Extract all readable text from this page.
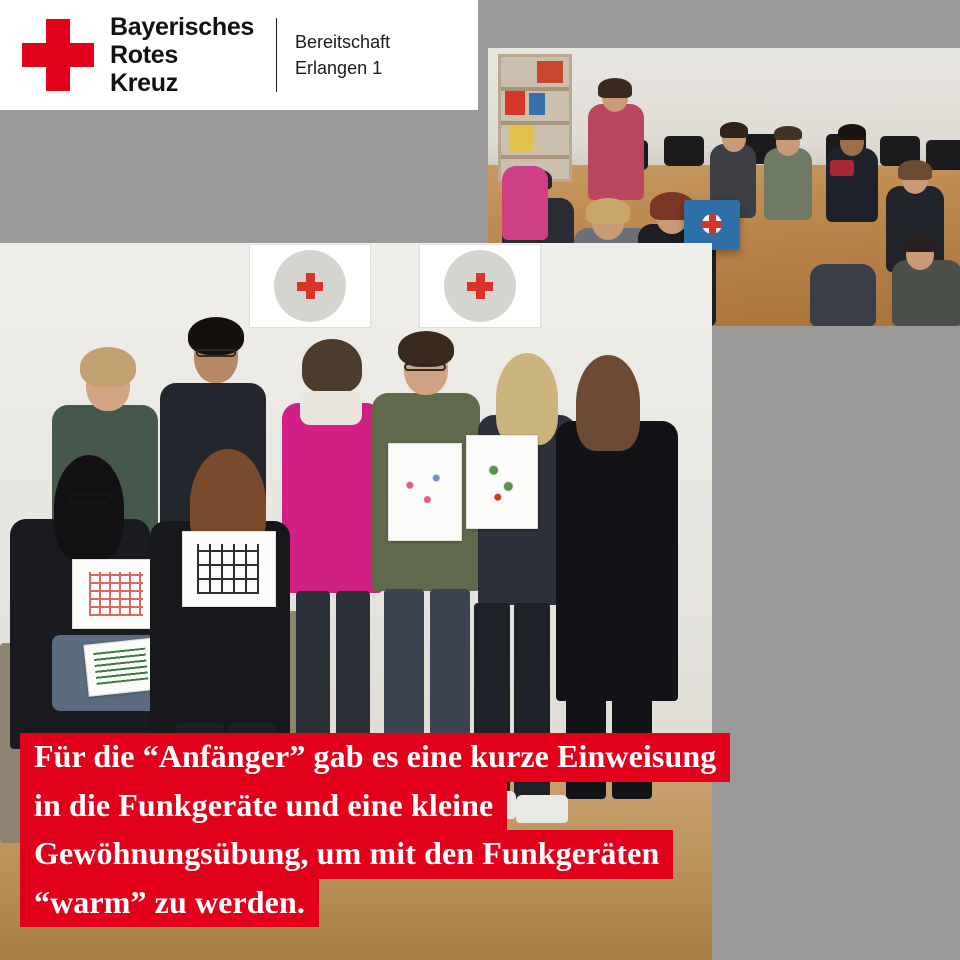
Bayerisches
Rotes
Kreuz
Bereitschaft
Erlangen 1
Für die “Anfänger” gab es eine kurze Einweisung
in die Funkgeräte und eine kleine
Gewöhnungsübung, um mit den Funkgeräten
“warm” zu werden.
